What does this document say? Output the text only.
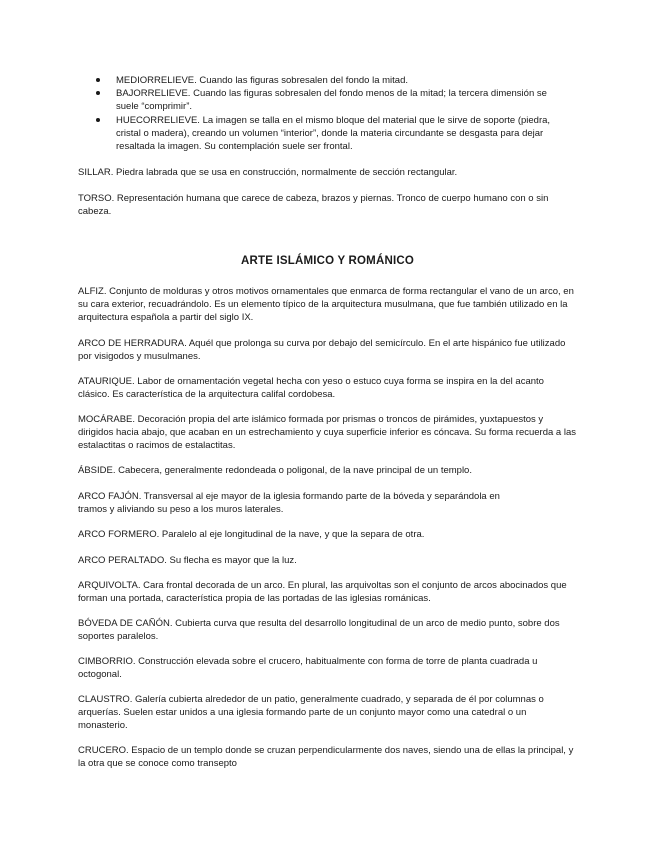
MEDIORRELIEVE. Cuando las figuras sobresalen del fondo la mitad.
BAJORRELIEVE. Cuando las figuras sobresalen del fondo menos de la mitad; la tercera dimensión se suele “comprimir”.
HUECORRELIEVE. La imagen se talla en el mismo bloque del material que le sirve de soporte (piedra, cristal o madera), creando un volumen “interior”, donde la materia circundante se desgasta para dejar resaltada la imagen. Su contemplación suele ser frontal.

SILLAR. Piedra labrada que se usa en construcción, normalmente de sección rectangular.

TORSO. Representación humana que carece de cabeza, brazos y piernas. Tronco de cuerpo humano con o sin cabeza.

ARTE ISLÁMICO Y ROMÁNICO

ALFIZ. Conjunto de molduras y otros motivos ornamentales que enmarca de forma rectangular el vano de un arco, en su cara exterior, recuadrándolo. Es un elemento típico de la arquitectura musulmana, que fue también utilizado en la arquitectura española a partir del siglo IX.

ARCO DE HERRADURA. Aquél que prolonga su curva por debajo del semicírculo. En el arte hispánico fue utilizado por visigodos y musulmanes.

ATAURIQUE. Labor de ornamentación vegetal hecha con yeso o estuco cuya forma se inspira en la del acanto clásico. Es característica de la arquitectura califal cordobesa.

MOCÁRABE. Decoración propia del arte islámico formada por prismas o troncos de pirámides, yuxtapuestos y dirigidos hacia abajo, que acaban en un estrechamiento y cuya superficie inferior es cóncava. Su forma recuerda a las estalactitas o racimos de estalactitas.

ÁBSIDE. Cabecera, generalmente redondeada o poligonal, de la nave principal de un templo.

ARCO FAJÓN. Transversal al eje mayor de la iglesia formando parte de la bóveda y separándola en tramos y aliviando su peso a los muros laterales.

ARCO FORMERO. Paralelo al eje longitudinal de la nave, y que la separa de otra.

ARCO PERALTADO. Su flecha es mayor que la luz.

ARQUIVOLTA. Cara frontal decorada de un arco. En plural, las arquivoltas son el conjunto de arcos abocinados que forman una portada, característica propia de las portadas de las iglesias románicas.

BÓVEDA DE CAÑÓN. Cubierta curva que resulta del desarrollo longitudinal de un arco de medio punto, sobre dos soportes paralelos.

CIMBORRIO. Construcción elevada sobre el crucero, habitualmente con forma de torre de planta cuadrada u octogonal.

CLAUSTRO. Galería cubierta alrededor de un patio, generalmente cuadrado, y separada de él por columnas o arquerías. Suelen estar unidos a una iglesia formando parte de un conjunto mayor como una catedral o un monasterio.

CRUCERO. Espacio de un templo donde se cruzan perpendicularmente dos naves, siendo una de ellas la principal, y la otra que se conoce como transepto
